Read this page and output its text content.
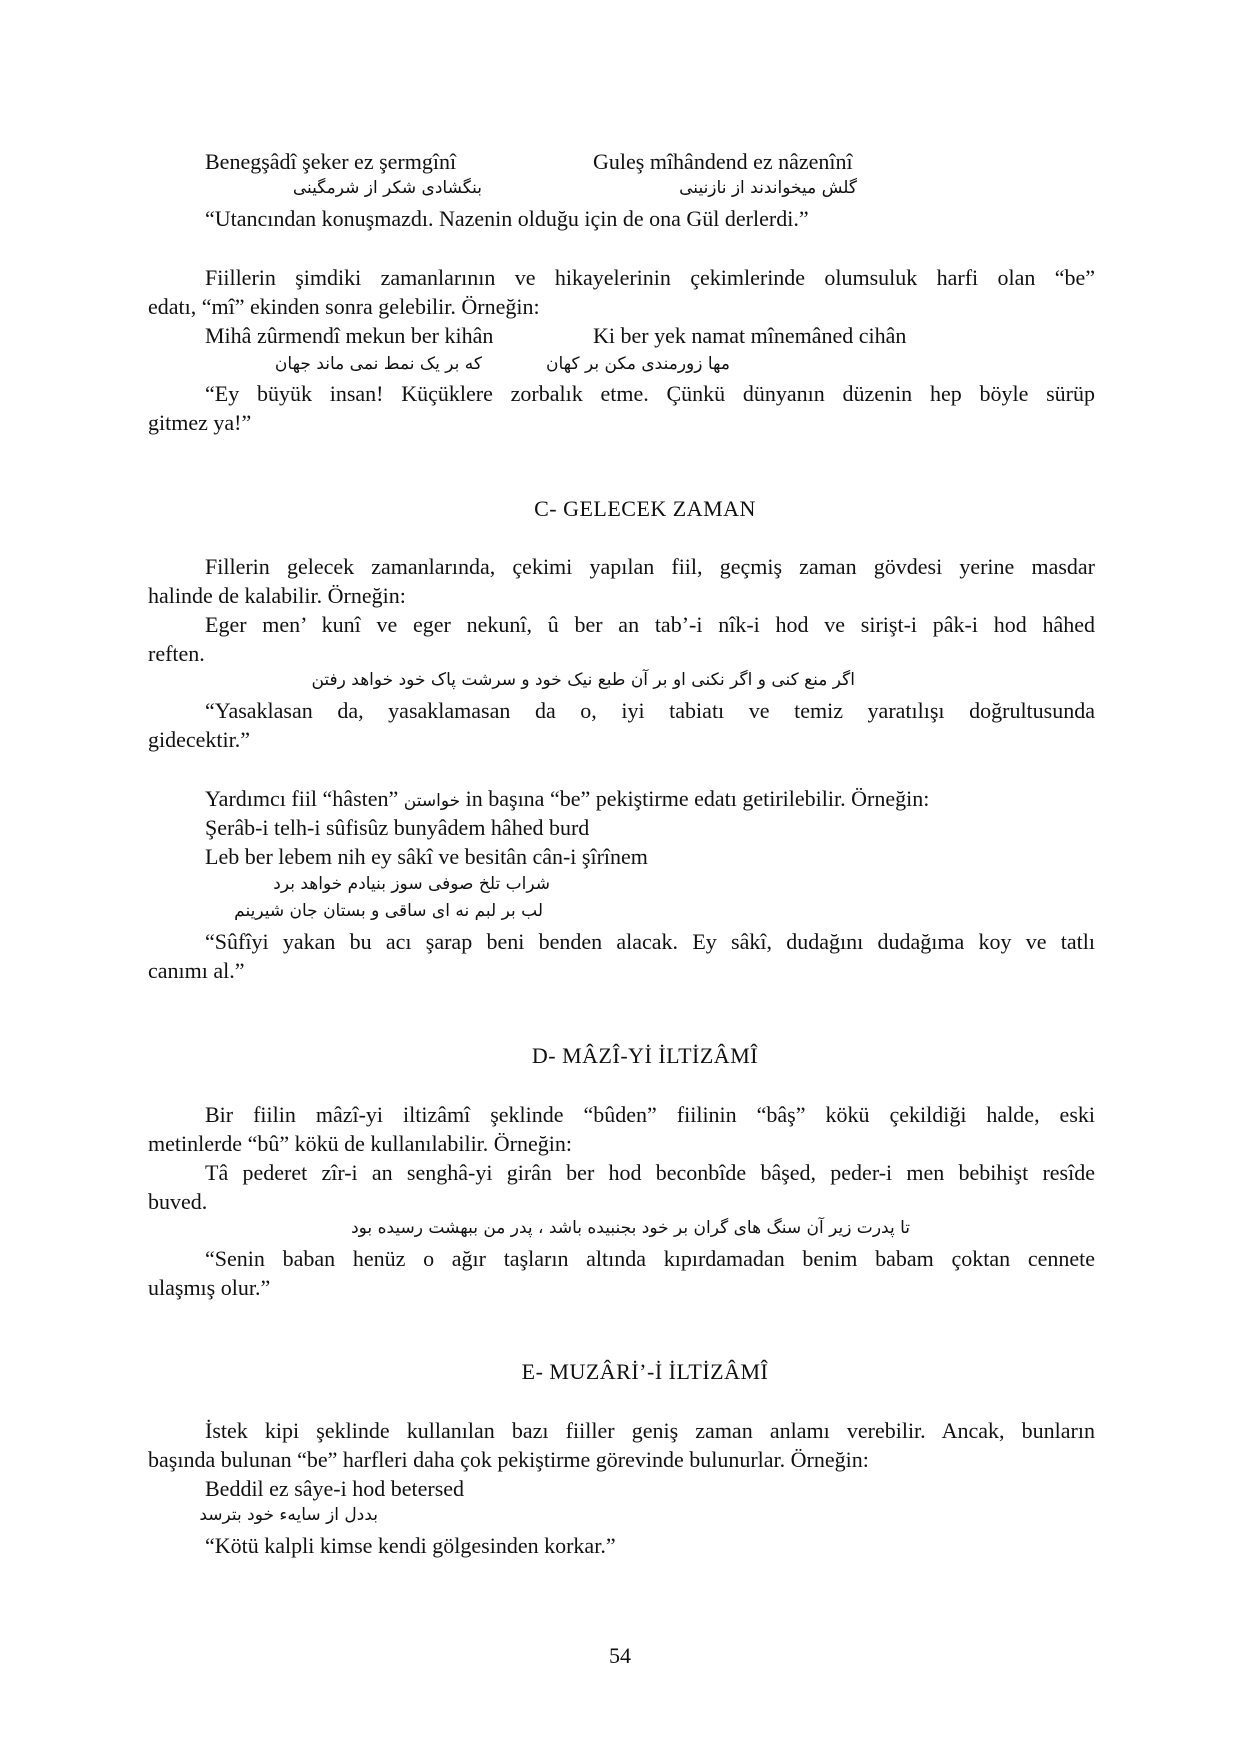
Benegşâdî şeker ez şermgînî	Guleş mîhândend ez nâzenînî
بنگشادی شکر از شرمگینی	گلش میخواندند از نازنینی
“Utancından konuşmazdı. Nazenin olduğu için de ona Gül derlerdi.”
Fiillerin şimdiki zamanlarının ve hikayelerinin çekimlerinde olumsuluk harfi olan “be”
edatı, “mî” ekinden sonra gelebilir. Örneğin:
Mihâ zûrmendî mekun ber kihân	Ki ber yek namat mînemâned cihân
مها زورمندی مکن بر کهان
که بر یک نمط نمی ماند جهان
“Ey büyük insan! Küçüklere zorbalık etme. Çünkü dünyanın düzenin hep böyle sürüp
gitmez ya!”
C- GELECEK ZAMAN
Fillerin gelecek zamanlarında, çekimi yapılan fiil, geçmiş zaman gövdesi yerine masdar
halinde de kalabilir. Örneğin:
Eger men’ kunî ve eger nekunî, û ber an tab’-i nîk-i hod ve sirişt-i pâk-i hod hâhed
reften.
اگر منع کنی و اگر نکنی او بر آن طبع نیک خود و سرشت پاک خود خواهد رفتن
“Yasaklasan da, yasaklamasan da o, iyi tabiatı ve temiz yaratılışı doğrultusunda
gidecektir.”
Yardımcı fiil “hâsten” خواستن in başına “be” pekiştirme edatı getirilebilir. Örneğin:
Şerâb-i telh-i sûfisûz bunyâdem hâhed burd
Leb ber lebem nih ey sâkî ve besitân cân-i şîrînem
شراب تلخ صوفی سوز بنیادم خواهد برد
لب بر لبم نه ای ساقی و بستان جان شیرینم
“Sûfîyi yakan bu acı şarap beni benden alacak. Ey sâkî, dudağını dudağıma koy ve tatlı
canımı al.”
D- MÂZÎ-Yİ İLTİZÂMÎ
Bir fiilin mâzî-yi iltizâmî şeklinde “bûden” fiilinin “bâş” kökü çekildiği halde, eski
metinlerde “bû” kökü de kullanılabilir. Örneğin:
Tâ pederet zîr-i an senghâ-yi girân ber hod beconbîde bâşed, peder-i men bebihişt resîde
buved.
تا پدرت زیر آن سنگ های گران بر خود بجنبیده باشد ، پدر من ببهشت رسیده بود
“Senin baban henüz o ağır taşların altında kıpırdamadan benim babam çoktan cennete
ulaşmış olur.”
E- MUZÂRİ’-İ İLTİZÂMÎ
İstek kipi şeklinde kullanılan bazı fiiller geniş zaman anlamı verebilir. Ancak, bunların
başında bulunan “be” harfleri daha çok pekiştirme görevinde bulunurlar. Örneğin:
Beddil ez sâye-i hod betersed
بددل از سایهء خود بترسد
“Kötü kalpli kimse kendi gölgesinden korkar.”
54
